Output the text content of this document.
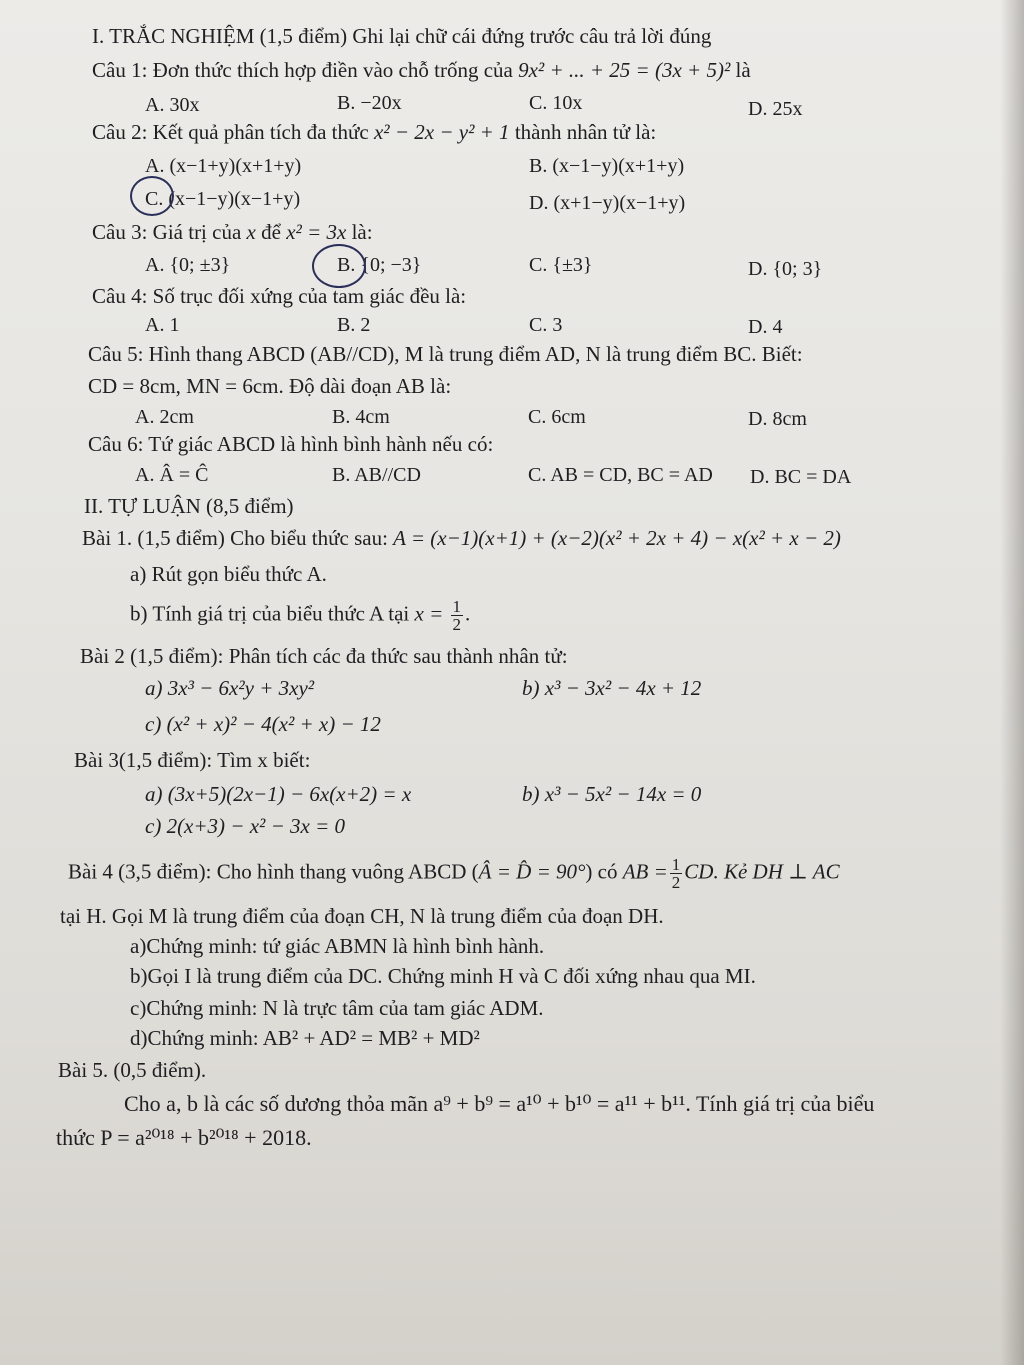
I. TRẮC NGHIỆM (1,5 điểm) Ghi lại chữ cái đứng trước câu trả lời đúng
Câu 1: Đơn thức thích hợp điền vào chỗ trống của 9x² + ... + 25 = (3x + 5)² là
A. 30x	B. −20x	C. 10x	D. 25x
Câu 2: Kết quả phân tích đa thức x² − 2x − y² + 1 thành nhân tử là:
A. (x−1+y)(x+1+y)	B. (x−1−y)(x+1+y)
C. (x−1−y)(x−1+y)	D. (x+1−y)(x−1+y)
Câu 3: Giá trị của x để x² = 3x là:
A. {0; ±3}	B. {0; −3}	C. {±3}	D. {0; 3}
Câu 4: Số trục đối xứng của tam giác đều là:
A. 1	B. 2	C. 3	D. 4
Câu 5: Hình thang ABCD (AB//CD), M là trung điểm AD, N là trung điểm BC. Biết:
CD = 8cm, MN = 6cm. Độ dài đoạn AB là:
A. 2cm	B. 4cm	C. 6cm	D. 8cm
Câu 6: Tứ giác ABCD là hình bình hành nếu có:
A. Â = Ĉ	B. AB//CD	C. AB = CD, BC = AD D. BC = DA
II. TỰ LUẬN (8,5 điểm)
Bài 1. (1,5 điểm) Cho biểu thức sau: A = (x−1)(x+1) + (x−2)(x² + 2x + 4) − x(x² + x − 2)
a) Rút gọn biểu thức A.
b) Tính giá trị của biểu thức A tại $x = \frac{1}{2}$ .
Bài 2 (1,5 điểm): Phân tích các đa thức sau thành nhân tử:
a) 3x³ − 6x²y + 3xy²	b) x³ − 3x² − 4x + 12
c) (x² + x)² − 4(x² + x) − 12
Bài 3(1,5 điểm): Tìm x biết:
a) (3x+5)(2x−1) − 6x(x+2) = x	b) x³ − 5x² − 14x = 0
c) 2(x+3) − x² − 3x = 0
Bài 4 (3,5 điểm): Cho hình thang vuông ABCD (Â = D̂ = 90°) có AB = $\frac{1}{2}$ CD. Kẻ DH ⊥ AC
tại H. Gọi M là trung điểm của đoạn CH, N là trung điểm của đoạn DH.
a)Chứng minh: tứ giác ABMN là hình bình hành.
b)Gọi I là trung điểm của DC. Chứng minh H và C đối xứng nhau qua MI.
c)Chứng minh: N là trực tâm của tam giác ADM.
d)Chứng minh: AB² + AD² = MB² + MD²
Bài 5. (0,5 điểm).
Cho a, b là các số dương thỏa mãn a⁹ + b⁹ = a¹⁰ + b¹⁰ = a¹¹ + b¹¹. Tính giá trị của biểu
thức P = a²⁰¹⁸ + b²⁰¹⁸ + 2018.
